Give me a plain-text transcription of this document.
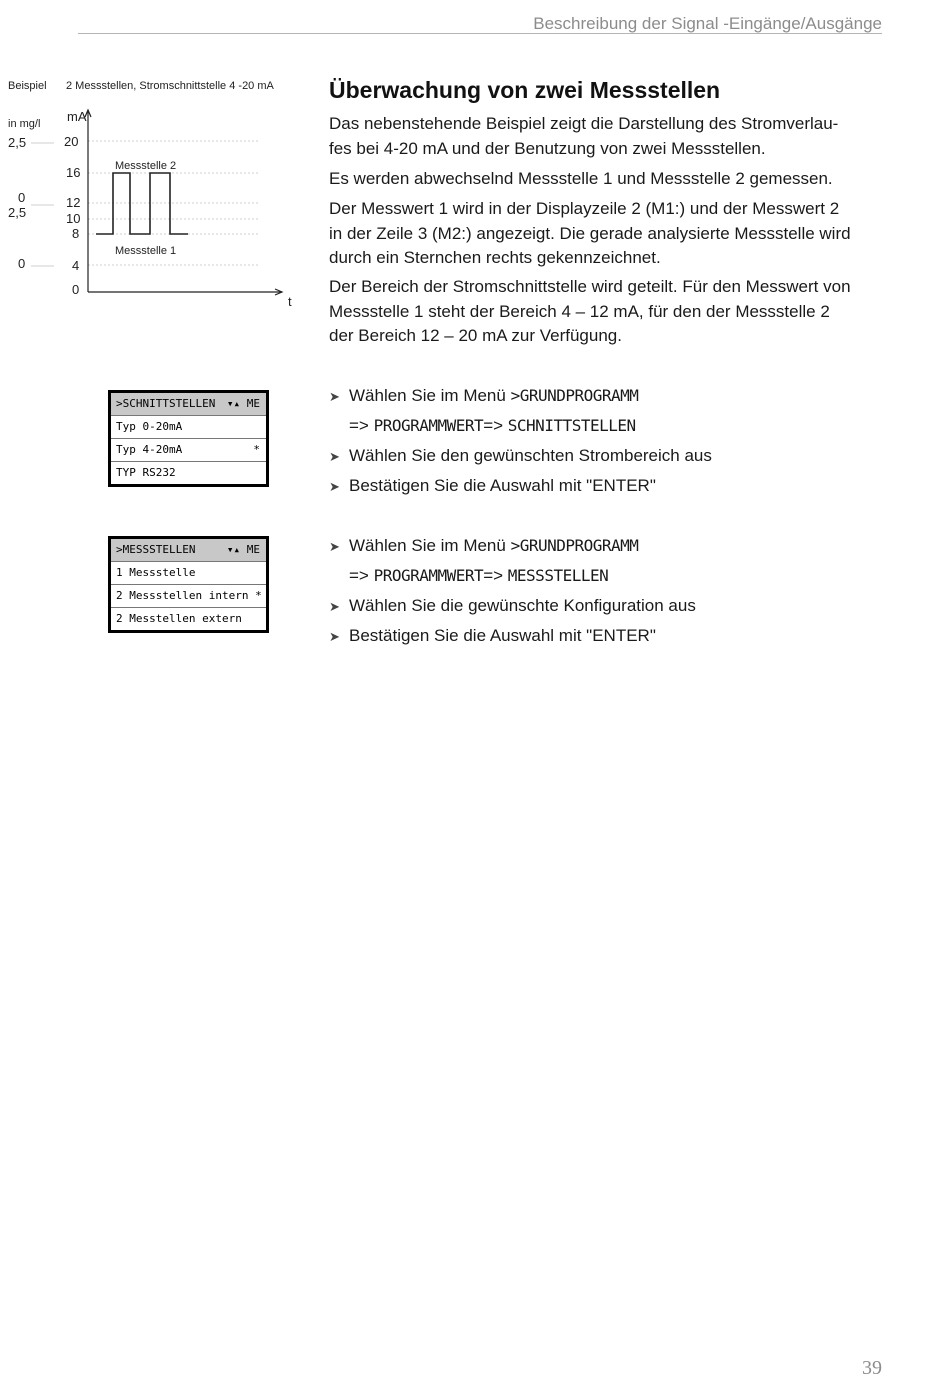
Beschreibung der Signal -Eingänge/Ausgänge
Beispiel 2 Messstellen, Stromschnittstelle 4 -20 mA
in mg/l mA
t
20
16
12
10
8
4
0
2,5
0
2,5
0
Messstelle 2
Messstelle 1
Überwachung von zwei Messstellen
Das nebenstehende Beispiel zeigt die Darstellung des Stromverlau-
fes bei 4-20 mA und der Benutzung von zwei Messstellen.
Es werden abwechselnd Messstelle 1 und Messstelle 2 gemessen.
Der Messwert 1 wird in der Displayzeile 2 (M1:) und der Messwert 2
in der Zeile 3 (M2:) angezeigt. Die gerade analysierte Messstelle wird
durch ein Sternchen rechts gekennzeichnet.
Der Bereich der Stromschnittstelle wird geteilt. Für den Messwert von
Messstelle 1 steht der Bereich 4 – 12 mA, für den der Messstelle 2
der Bereich 12 – 20 mA zur Verfügung.
>SCHNITTSTELLEN ▾▴ ME
Typ 0-20mA
Typ 4-20mA	*
TYP RS232
➤ Wählen Sie im Menü >GRUNDPROGRAMM
=> PROGRAMMWERT=> SCHNITTSTELLEN
➤ Wählen Sie den gewünschten Strombereich aus
➤ Bestätigen Sie die Auswahl mit "ENTER"
>MESSSTELLEN	▾▴ ME
1 Messstelle
2 Messstellen intern *
2 Messtellen extern
➤ Wählen Sie im Menü >GRUNDPROGRAMM
=> PROGRAMMWERT=> MESSSTELLEN
➤ Wählen Sie die gewünschte Konfiguration aus
➤ Bestätigen Sie die Auswahl mit "ENTER"
39
